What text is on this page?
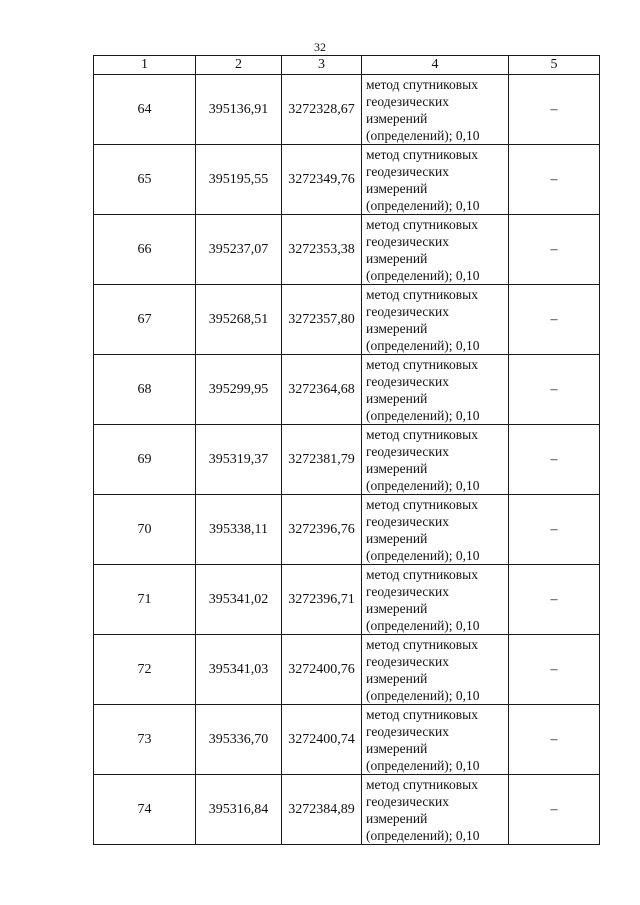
32
1	2	3	4	5
64	395136,91	3272328,67	метод спутниковых
геодезических
измерений
(определений); 0,10	–
65	395195,55	3272349,76	метод спутниковых
геодезических
измерений
(определений); 0,10	–
66	395237,07	3272353,38	метод спутниковых
геодезических
измерений
(определений); 0,10	–
67	395268,51	3272357,80	метод спутниковых
геодезических
измерений
(определений); 0,10	–
68	395299,95	3272364,68	метод спутниковых
геодезических
измерений
(определений); 0,10	–
69	395319,37	3272381,79	метод спутниковых
геодезических
измерений
(определений); 0,10	–
70	395338,11	3272396,76	метод спутниковых
геодезических
измерений
(определений); 0,10	–
71	395341,02	3272396,71	метод спутниковых
геодезических
измерений
(определений); 0,10	–
72	395341,03	3272400,76	метод спутниковых
геодезических
измерений
(определений); 0,10	–
73	395336,70	3272400,74	метод спутниковых
геодезических
измерений
(определений); 0,10	–
74	395316,84	3272384,89	метод спутниковых
геодезических
измерений
(определений); 0,10	–
